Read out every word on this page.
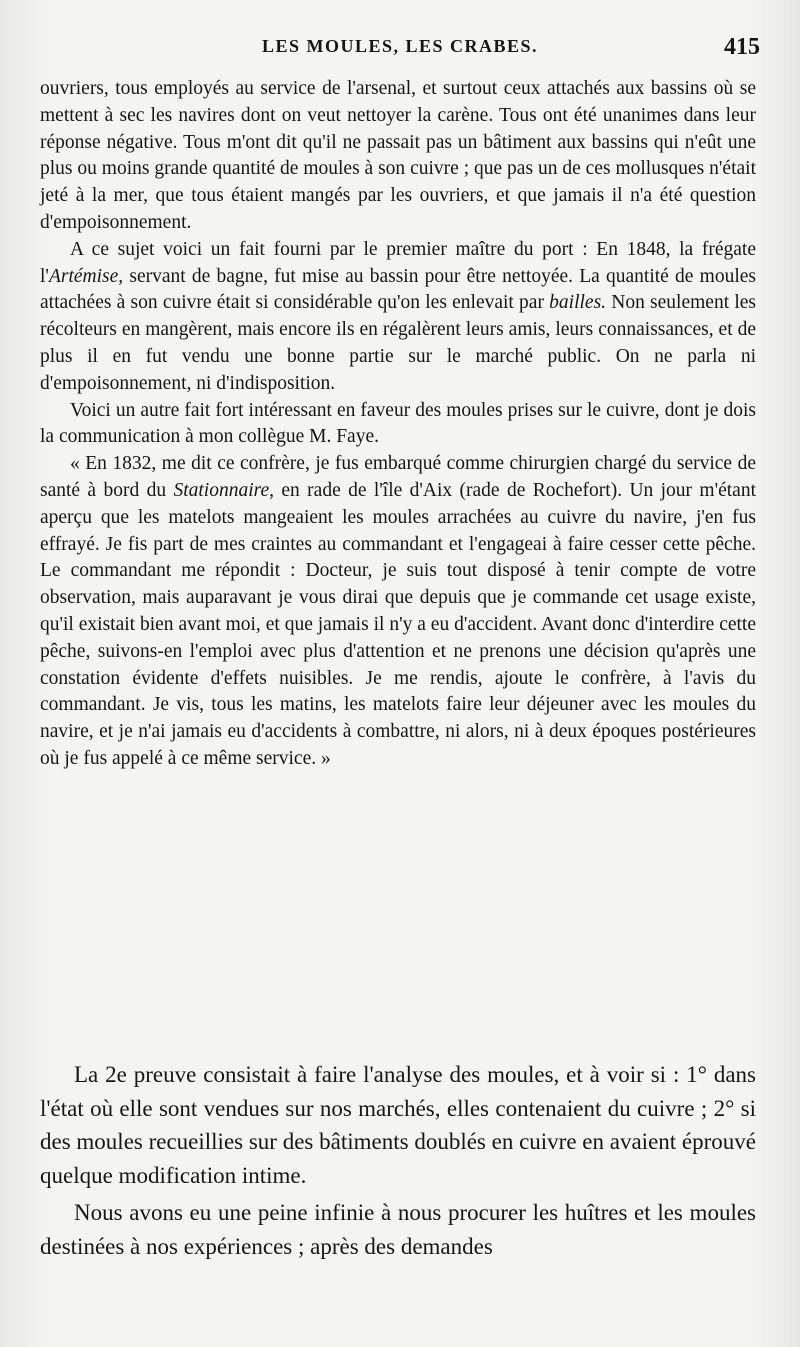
LES MOULES, LES CRABES.	415

ouvriers, tous employés au service de l'arsenal, et surtout ceux attachés aux bassins où se mettent à sec les navires dont on veut nettoyer la carène. Tous ont été unanimes dans leur réponse négative. Tous m'ont dit qu'il ne passait pas un bâtiment aux bassins qui n'eût une plus ou moins grande quantité de moules à son cuivre ; que pas un de ces mollusques n'était jeté à la mer, que tous étaient mangés par les ouvriers, et que jamais il n'a été question d'empoisonnement.

A ce sujet voici un fait fourni par le premier maître du port : En 1848, la frégate l'Artémise, servant de bagne, fut mise au bassin pour être nettoyée. La quantité de moules attachées à son cuivre était si considérable qu'on les enlevait par bailles. Non seulement les récolteurs en mangèrent, mais encore ils en régalèrent leurs amis, leurs connaissances, et de plus il en fut vendu une bonne partie sur le marché public. On ne parla ni d'empoisonnement, ni d'indisposition.

Voici un autre fait fort intéressant en faveur des moules prises sur le cuivre, dont je dois la communication à mon collègue M. Faye.

« En 1832, me dit ce confrère, je fus embarqué comme chirurgien chargé du service de santé à bord du Stationnaire, en rade de l'île d'Aix (rade de Rochefort). Un jour m'étant aperçu que les matelots mangeaient les moules arrachées au cuivre du navire, j'en fus effrayé. Je fis part de mes craintes au commandant et l'engageai à faire cesser cette pêche. Le commandant me répondit : Docteur, je suis tout disposé à tenir compte de votre observation, mais auparavant je vous dirai que depuis que je commande cet usage existe, qu'il existait bien avant moi, et que jamais il n'y a eu d'accident. Avant donc d'interdire cette pêche, suivons-en l'emploi avec plus d'attention et ne prenons une décision qu'après une constation évidente d'effets nuisibles. Je me rendis, ajoute le confrère, à l'avis du commandant. Je vis, tous les matins, les matelots faire leur déjeuner avec les moules du navire, et je n'ai jamais eu d'accidents à combattre, ni alors, ni à deux époques postérieures où je fus appelé à ce même service. »

La 2e preuve consistait à faire l'analyse des moules, et à voir si : 1° dans l'état où elle sont vendues sur nos marchés, elles contenaient du cuivre ; 2° si des moules recueillies sur des bâtiments doublés en cuivre en avaient éprouvé quelque modification intime.

Nous avons eu une peine infinie à nous procurer les huîtres et les moules destinées à nos expériences ; après des demandes
